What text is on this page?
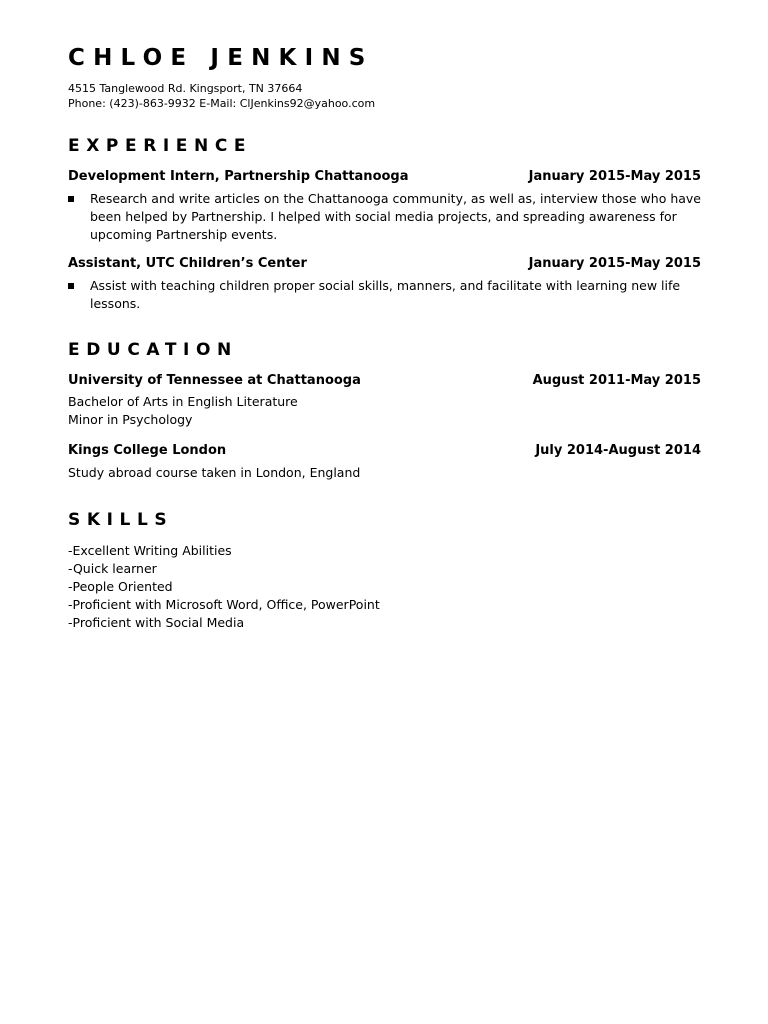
CHLOE JENKINS
4515 Tanglewood Rd. Kingsport, TN 37664
Phone: (423)-863-9932 E-Mail: ClJenkins92@yahoo.com
EXPERIENCE
Development Intern, Partnership Chattanooga	January 2015-May 2015
Research and write articles on the Chattanooga community, as well as, interview those who have been helped by Partnership. I helped with social media projects, and spreading awareness for upcoming Partnership events.
Assistant, UTC Children’s Center	January 2015-May 2015
Assist with teaching children proper social skills, manners, and facilitate with learning new life lessons.
EDUCATION
University of Tennessee at Chattanooga	August 2011-May 2015
Bachelor of Arts in English Literature
Minor in Psychology
Kings College London	July 2014-August 2014
Study abroad course taken in London, England
SKILLS
-Excellent Writing Abilities
-Quick learner
-People Oriented
-Proficient with Microsoft Word, Office, PowerPoint
-Proficient with Social Media
